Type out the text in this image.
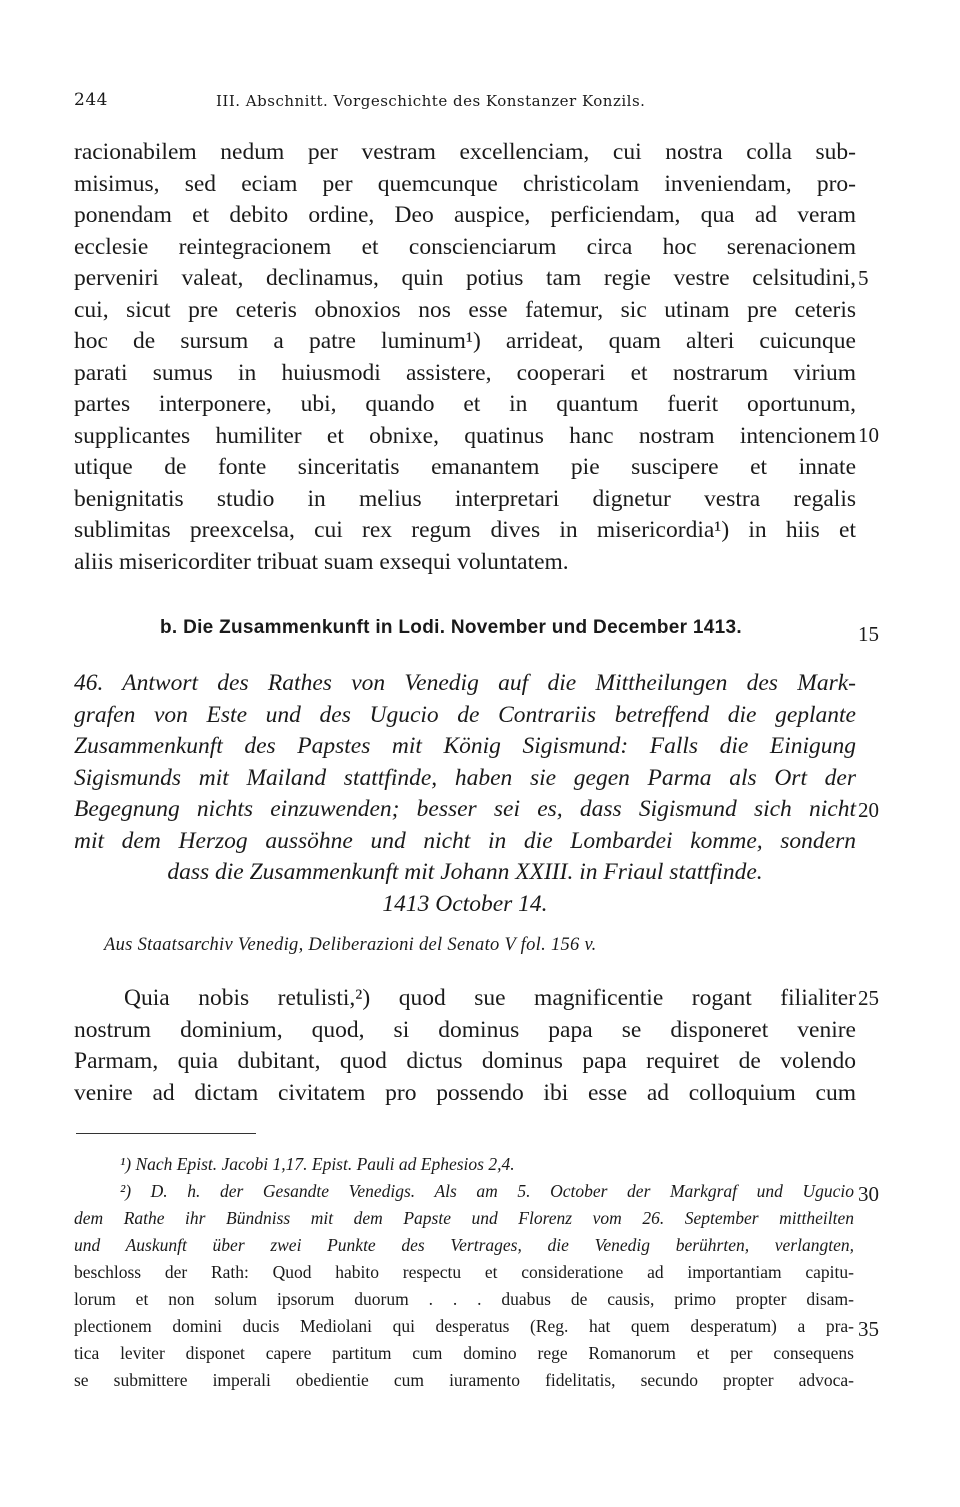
244	III. Abschnitt. Vorgeschichte des Konstanzer Konzils.
racionabilem nedum per vestram excellenciam, cui nostra colla sub-
misimus, sed eciam per quemcunque christicolam inveniendam, pro-
ponendam et debito ordine, Deo auspice, perficiendam, qua ad veram
ecclesie reintegracionem et conscienciarum circa hoc serenacionem
perveniri valeat, declinamus, quin potius tam regie vestre celsitudini,
cui, sicut pre ceteris obnoxios nos esse fatemur, sic utinam pre ceteris
hoc de sursum a patre luminum¹) arrideat, quam alteri cuicunque
parati sumus in huiusmodi assistere, cooperari et nostrarum virium
partes interponere, ubi, quando et in quantum fuerit oportunum,
supplicantes humiliter et obnixe, quatinus hanc nostram intencionem
utique de fonte sinceritatis emanantem pie suscipere et innate
benignitatis studio in melius interpretari dignetur vestra regalis
sublimitas preexcelsa, cui rex regum dives in misericordia¹) in hiis et
aliis misericorditer tribuat suam exsequi voluntatem.
5
10
b. Die Zusammenkunft in Lodi. November und December 1413.	15
46. Antwort des Rathes von Venedig auf die Mittheilungen des Mark-
grafen von Este und des Ugucio de Contrariis betreffend die geplante
Zusammenkunft des Papstes mit König Sigismund: Falls die Einigung
Sigismunds mit Mailand stattfinde, haben sie gegen Parma als Ort der
Begegnung nichts einzuwenden; besser sei es, dass Sigismund sich nicht
mit dem Herzog aussöhne und nicht in die Lombardei komme, sondern
dass die Zusammenkunft mit Johann XXIII. in Friaul stattfinde.
1413 October 14.
20
Aus Staatsarchiv Venedig, Deliberazioni del Senato V fol. 156 v.
Quia nobis retulisti,²) quod sue magnificentie rogant filialiter
nostrum dominium, quod, si dominus papa se disponeret venire
Parmam, quia dubitant, quod dictus dominus papa requiret de volendo
venire ad dictam civitatem pro possendo ibi esse ad colloquium cum
25
¹) Nach Epist. Jacobi 1,17. Epist. Pauli ad Ephesios 2,4.
²) D. h. der Gesandte Venedigs. Als am 5. October der Markgraf und Ugucio
dem Rathe ihr Bündniss mit dem Papste und Florenz vom 26. September mittheilten
und Auskunft über zwei Punkte des Vertrages, die Venedig berührten, verlangten,
beschloss der Rath: Quod habito respectu et consideratione ad importantiam capitu-
lorum et non solum ipsorum duorum . . . duabus de causis, primo propter disam-
plectionem domini ducis Mediolani qui desperatus (Reg. hat quem desperatum) a pra-
tica leviter disponet capere partitum cum domino rege Romanorum et per consequens
se submittere imperali obedientie cum iuramento fidelitatis, secundo propter advoca-
30
35
